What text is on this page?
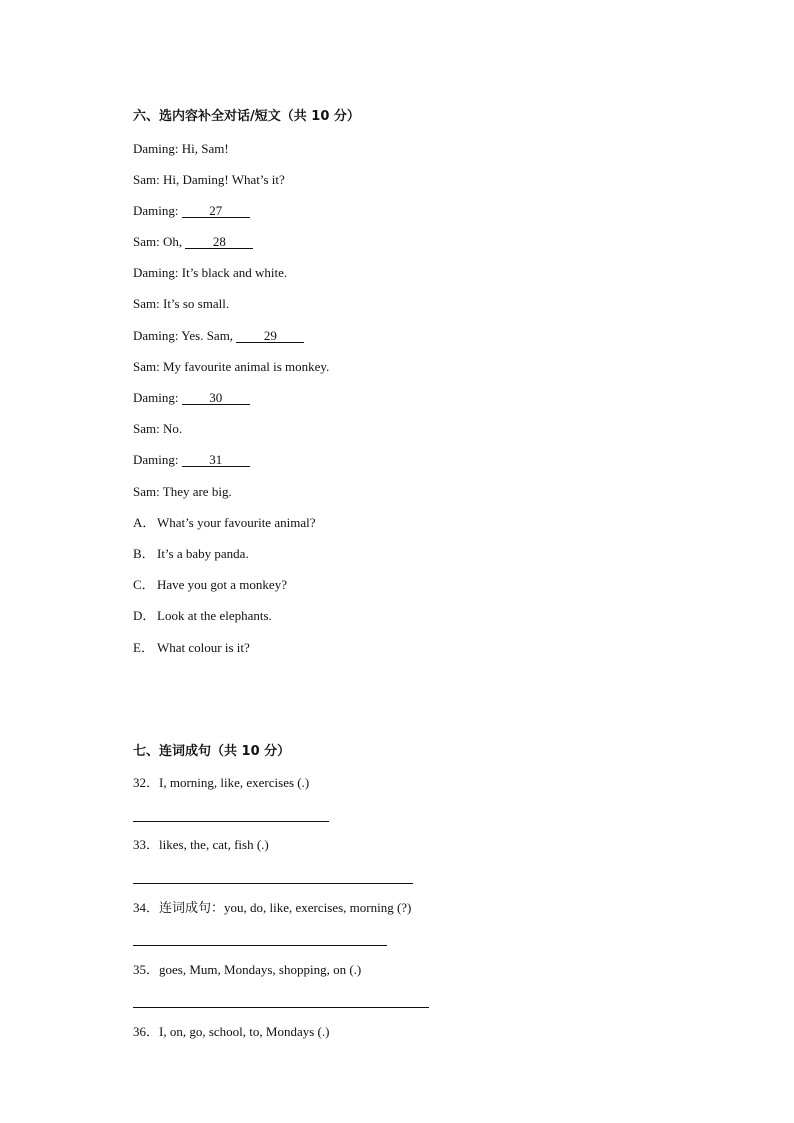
六、选内容补全对话/短文（共 10 分）
Daming: Hi, Sam!
Sam: Hi, Daming! What’s it?
Daming: 27
Sam: Oh, 28
Daming: It’s black and white.
Sam: It’s so small.
Daming: Yes. Sam, 29
Sam: My favourite animal is monkey.
Daming: 30
Sam: No.
Daming: 31
Sam: They are big.
A． What’s your favourite animal?
B． It’s a baby panda.
C． Have you got a monkey?
D． Look at the elephants.
E． What colour is it?
七、连词成句（共 10 分）
32．I, morning, like, exercises (.)
33．likes, the, cat, fish (.)
34．连词成句：you, do, like, exercises, morning (?)
35．goes, Mum, Mondays, shopping, on (.)
36．I, on, go, school, to, Mondays (.)
